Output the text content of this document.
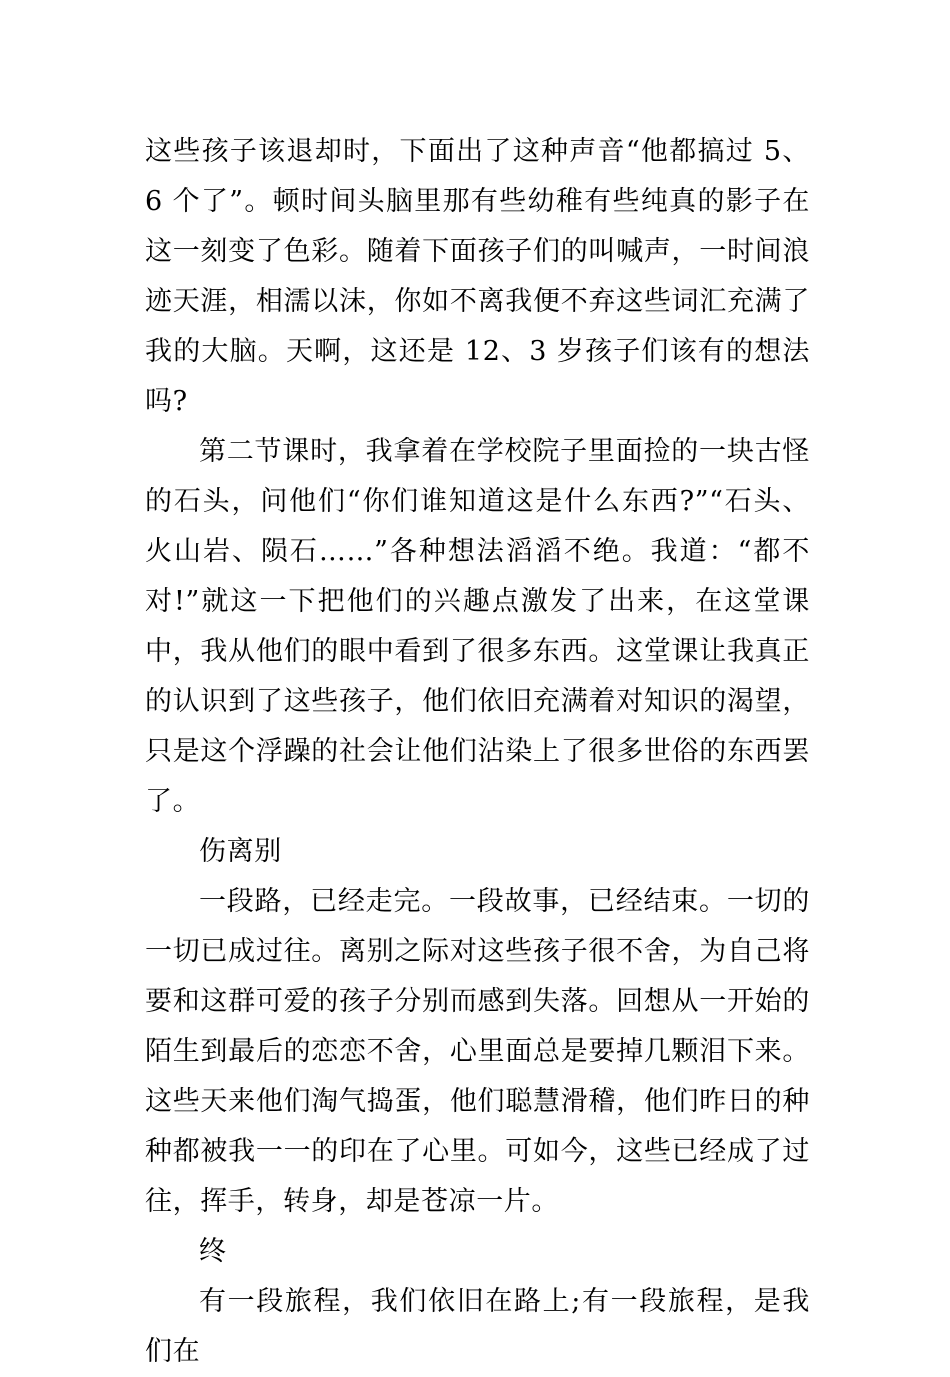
这些孩子该退却时，下面出了这种声音“他都搞过 5、6 个了”。顿时间头脑里那有些幼稚有些纯真的影子在这一刻变了色彩。随着下面孩子们的叫喊声，一时间浪迹天涯，相濡以沫，你如不离我便不弃这些词汇充满了我的大脑。天啊，这还是 12、3 岁孩子们该有的想法吗?

第二节课时，我拿着在学校院子里面捡的一块古怪的石头，问他们“你们谁知道这是什么东西?”“石头、火山岩、陨石……”各种想法滔滔不绝。我道：“都不对!”就这一下把他们的兴趣点激发了出来，在这堂课中，我从他们的眼中看到了很多东西。这堂课让我真正的认识到了这些孩子，他们依旧充满着对知识的渴望，只是这个浮躁的社会让他们沾染上了很多世俗的东西罢了。

伤离别

一段路，已经走完。一段故事，已经结束。一切的一切已成过往。离别之际对这些孩子很不舍，为自己将要和这群可爱的孩子分别而感到失落。回想从一开始的陌生到最后的恋恋不舍，心里面总是要掉几颗泪下来。这些天来他们淘气捣蛋，他们聪慧滑稽，他们昨日的种种都被我一一的印在了心里。可如今，这些已经成了过往，挥手，转身，却是苍凉一片。

终

有一段旅程，我们依旧在路上;有一段旅程，是我们在
